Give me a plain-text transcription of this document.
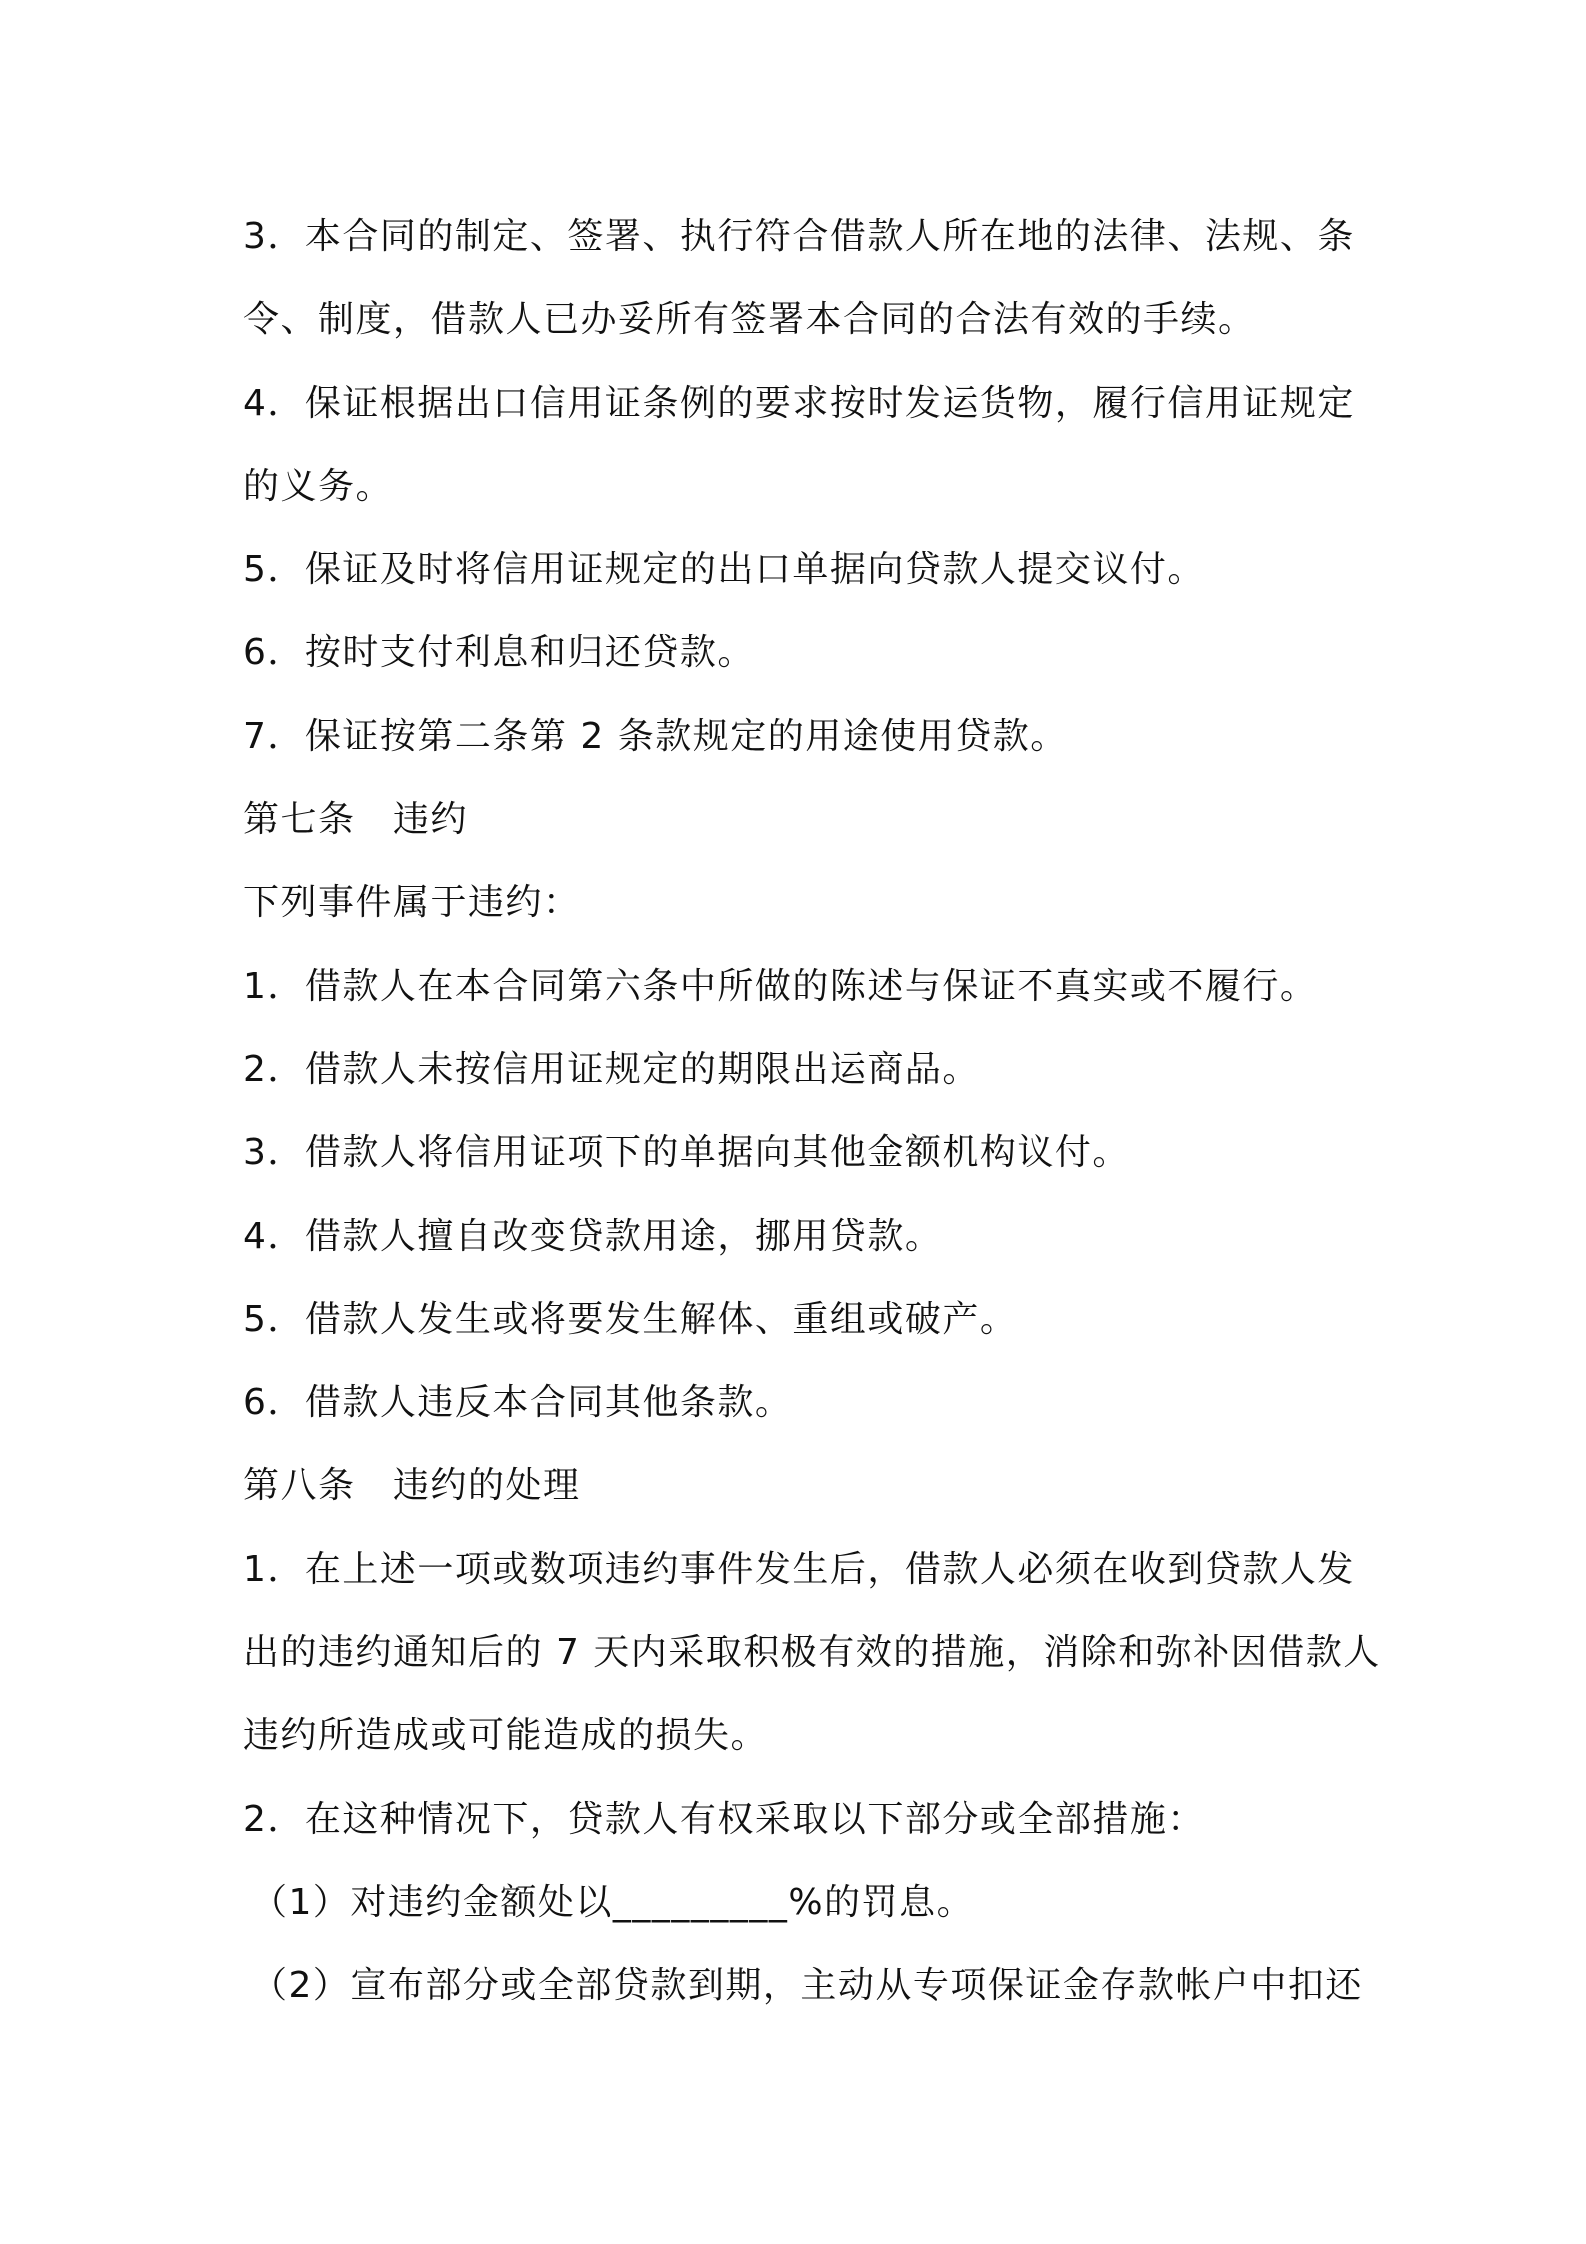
3．本合同的制定、签署、执行符合借款人所在地的法律、法规、条
令、制度，借款人已办妥所有签署本合同的合法有效的手续。
4．保证根据出口信用证条例的要求按时发运货物，履行信用证规定
的义务。
5．保证及时将信用证规定的出口单据向贷款人提交议付。
6．按时支付利息和归还贷款。
7．保证按第二条第 2 条款规定的用途使用贷款。
第七条　违约
下列事件属于违约：
1．借款人在本合同第六条中所做的陈述与保证不真实或不履行。
2．借款人未按信用证规定的期限出运商品。
3．借款人将信用证项下的单据向其他金额机构议付。
4．借款人擅自改变贷款用途，挪用贷款。
5．借款人发生或将要发生解体、重组或破产。
6．借款人违反本合同其他条款。
第八条　违约的处理
1．在上述一项或数项违约事件发生后，借款人必须在收到贷款人发
出的违约通知后的 7 天内采取积极有效的措施，消除和弥补因借款人
违约所造成或可能造成的损失。
2．在这种情况下，贷款人有权采取以下部分或全部措施：
（1）对违约金额处以_________%的罚息。
（2）宣布部分或全部贷款到期，主动从专项保证金存款帐户中扣还
